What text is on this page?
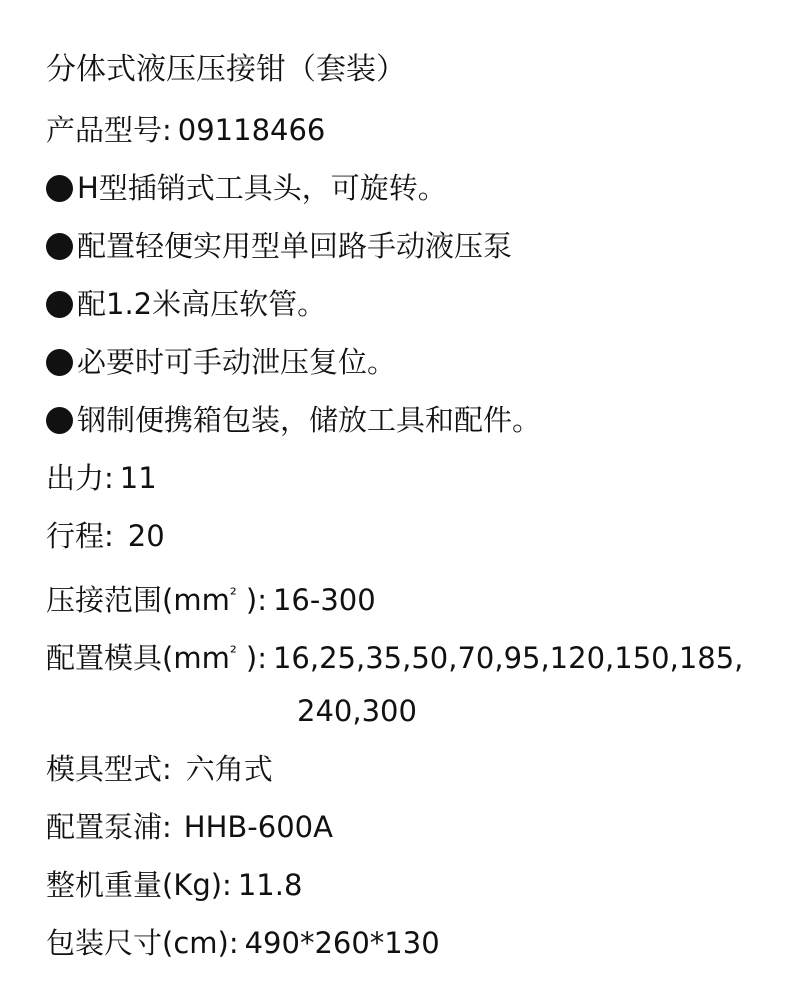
分体式液压压接钳（套装）
产品型号: 09118466
H型插销式工具头，可旋转。
配置轻便实用型单回路手动液压泵
配1.2米高压软管。
必要时可手动泄压复位。
钢制便携箱包装，储放工具和配件。
出力: 11
行程: 20
压接范围($mm^{^2}$ ): 16-300
配置模具($mm^{^2}$ ): 16,25,35,50,70,95,120,150,185,
240,300
模具型式: 六角式
配置泵浦: HHB-600A
整机重量(Kg): 11.8
包装尺寸(cm): 490*260*130
